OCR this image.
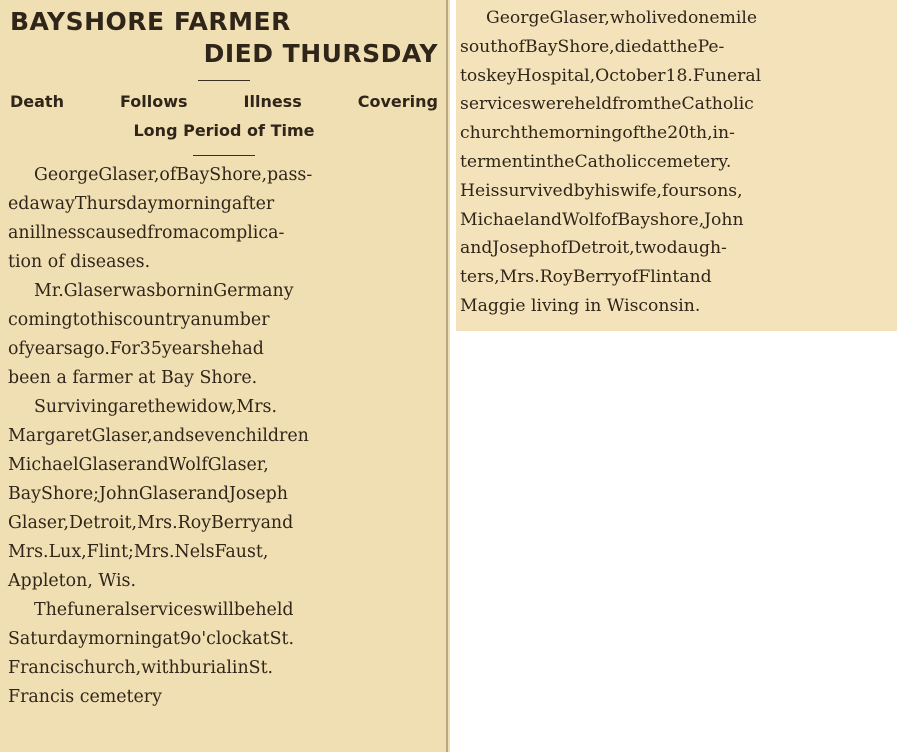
BAYSHORE FARMER
DIED THURSDAY
Death	Follows	Illness	Covering
Long Period of Time
GeorgeGlaser,ofBayShore,pass-
edawayThursdaymorningafter
anillnesscausedfromacomplica-
tion of diseases.
Mr.GlaserwasborninGermany
comingtothiscountryanumber
ofyearsago.For35yearshehad
been a farmer at Bay Shore.
Survivingarethewidow,Mrs.
MargaretGlaser,andsevenchildren
MichaelGlaserandWolfGlaser,
BayShore;JohnGlaserandJoseph
Glaser,Detroit,Mrs.RoyBerryand
Mrs.Lux,Flint;Mrs.NelsFaust,
Appleton, Wis.
Thefuneralserviceswillbeheld
Saturdaymorningat9o'clockatSt.
Francischurch,withburialinSt.
Francis cemetery
GeorgeGlaser,wholivedonemile
southofBayShore,diedatthePe-
toskeyHospital,October18.Funeral
serviceswereheldfromtheCatholic
churchthemorningofthe20th,in-
termentintheCatholiccemetery.
Heissurvivedbyhiswife,foursons,
MichaelandWolfofBayshore,John
andJosephofDetroit,twodaugh-
ters,Mrs.RoyBerryofFlintand
Maggie living in Wisconsin.
